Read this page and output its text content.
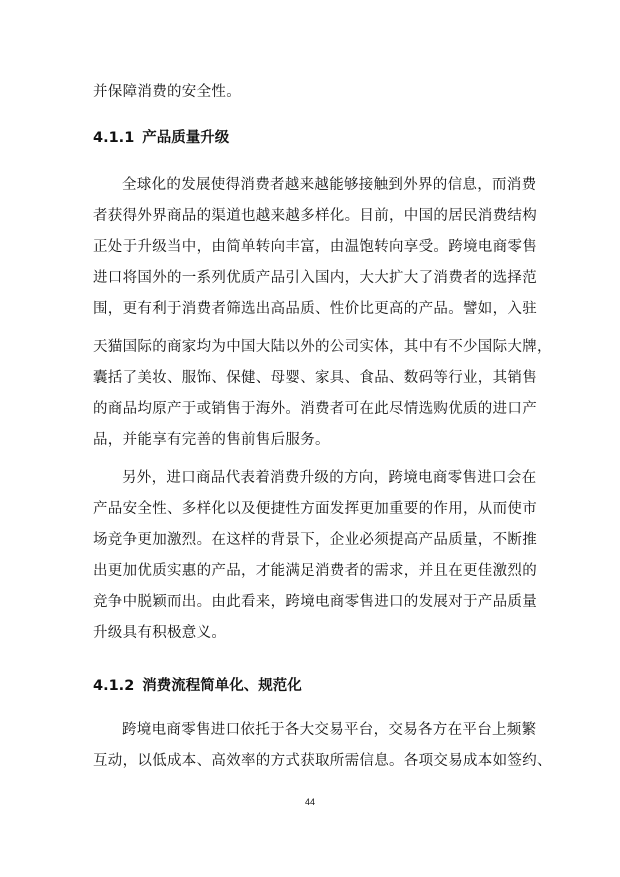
并保障消费的安全性。
4.1.1 产品质量升级
全球化的发展使得消费者越来越能够接触到外界的信息，而消费
者获得外界商品的渠道也越来越多样化。目前，中国的居民消费结构
正处于升级当中，由简单转向丰富，由温饱转向享受。跨境电商零售
进口将国外的一系列优质产品引入国内，大大扩大了消费者的选择范
围，更有利于消费者筛选出高品质、性价比更高的产品。譬如，入驻
天猫国际的商家均为中国大陆以外的公司实体，其中有不少国际大牌，
囊括了美妆、服饰、保健、母婴、家具、食品、数码等行业，其销售
的商品均原产于或销售于海外。消费者可在此尽情选购优质的进口产
品，并能享有完善的售前售后服务。
另外，进口商品代表着消费升级的方向，跨境电商零售进口会在
产品安全性、多样化以及便捷性方面发挥更加重要的作用，从而使市
场竞争更加激烈。在这样的背景下，企业必须提高产品质量，不断推
出更加优质实惠的产品，才能满足消费者的需求，并且在更佳激烈的
竞争中脱颖而出。由此看来，跨境电商零售进口的发展对于产品质量
升级具有积极意义。
4.1.2 消费流程简单化、规范化
跨境电商零售进口依托于各大交易平台，交易各方在平台上频繁
互动，以低成本、高效率的方式获取所需信息。各项交易成本如签约、
44
